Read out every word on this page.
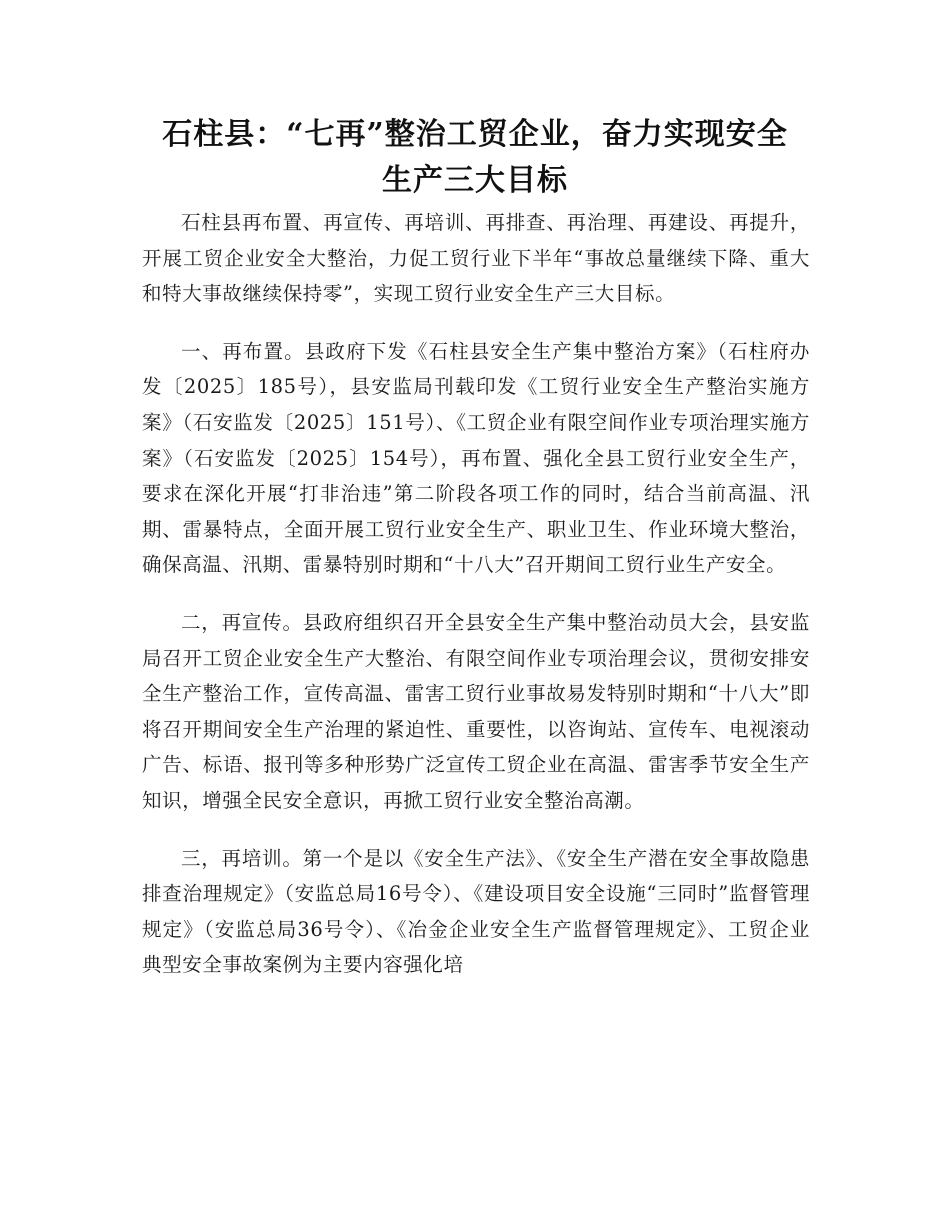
石柱县：“七再”整治工贸企业，奋力实现安全
生产三大目标

石柱县再布置、再宣传、再培训、再排查、再治理、再建设、再提升，开展工贸企业安全大整治，力促工贸行业下半年“事故总量继续下降、重大和特大事故继续保持零”，实现工贸行业安全生产三大目标。

一、再布置。县政府下发《石柱县安全生产集中整治方案》（石柱府办发〔2025〕185号），县安监局刊载印发《工贸行业安全生产整治实施方案》（石安监发〔2025〕151号）、《工贸企业有限空间作业专项治理实施方案》（石安监发〔2025〕154号），再布置、强化全县工贸行业安全生产，要求在深化开展“打非治违”第二阶段各项工作的同时，结合当前高温、汛期、雷暴特点，全面开展工贸行业安全生产、职业卫生、作业环境大整治，确保高温、汛期、雷暴特别时期和“十八大”召开期间工贸行业生产安全。

二，再宣传。县政府组织召开全县安全生产集中整治动员大会，县安监局召开工贸企业安全生产大整治、有限空间作业专项治理会议，贯彻安排安全生产整治工作，宣传高温、雷害工贸行业事故易发特别时期和“十八大”即将召开期间安全生产治理的紧迫性、重要性，以咨询站、宣传车、电视滚动广告、标语、报刊等多种形势广泛宣传工贸企业在高温、雷害季节安全生产知识，增强全民安全意识，再掀工贸行业安全整治高潮。

三，再培训。第一个是以《安全生产法》、《安全生产潜在安全事故隐患排查治理规定》（安监总局16号令）、《建设项目安全设施“三同时”监督管理规定》（安监总局36号令）、《冶金企业安全生产监督管理规定》、工贸企业典型安全事故案例为主要内容强化培
